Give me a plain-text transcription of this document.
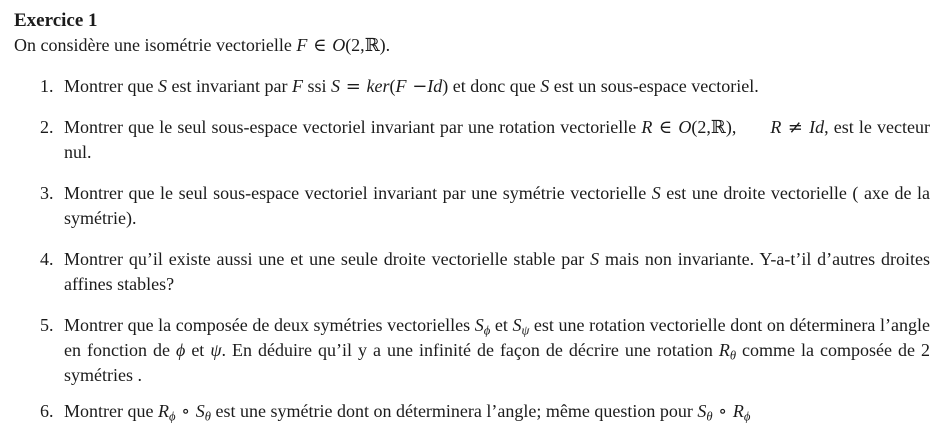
Exercice 1

On considère une isométrie vectorielle F ∈ O(2,ℝ).

1. Montrer que S est invariant par F ssi S = ker(F −Id) et donc que S est un sous-espace vectoriel.
2. Montrer que le seul sous-espace vectoriel invariant par une rotation vectorielle R ∈ O(2,ℝ), R ≠ Id, est le vecteur nul.
3. Montrer que le seul sous-espace vectoriel invariant par une symétrie vectorielle S est une droite vectorielle ( axe de la symétrie).
4. Montrer qu’il existe aussi une et une seule droite vectorielle stable par S mais non invariante. Y-a-t’il d’autres droites affines stables?
5. Montrer que la composée de deux symétries vectorielles $S_\phi$ et $S_\psi$ est une rotation vectorielle dont on déterminera l’angle en fonction de ϕ et ψ. En déduire qu’il y a une infinité de façon de décrire une rotation $R_\theta$ comme la composée de 2 symétries .
6. Montrer que $R_\phi$ ∘ $S_\theta$ est une symétrie dont on déterminera l’angle; même question pour $S_\theta$ ∘ $R_\phi$
